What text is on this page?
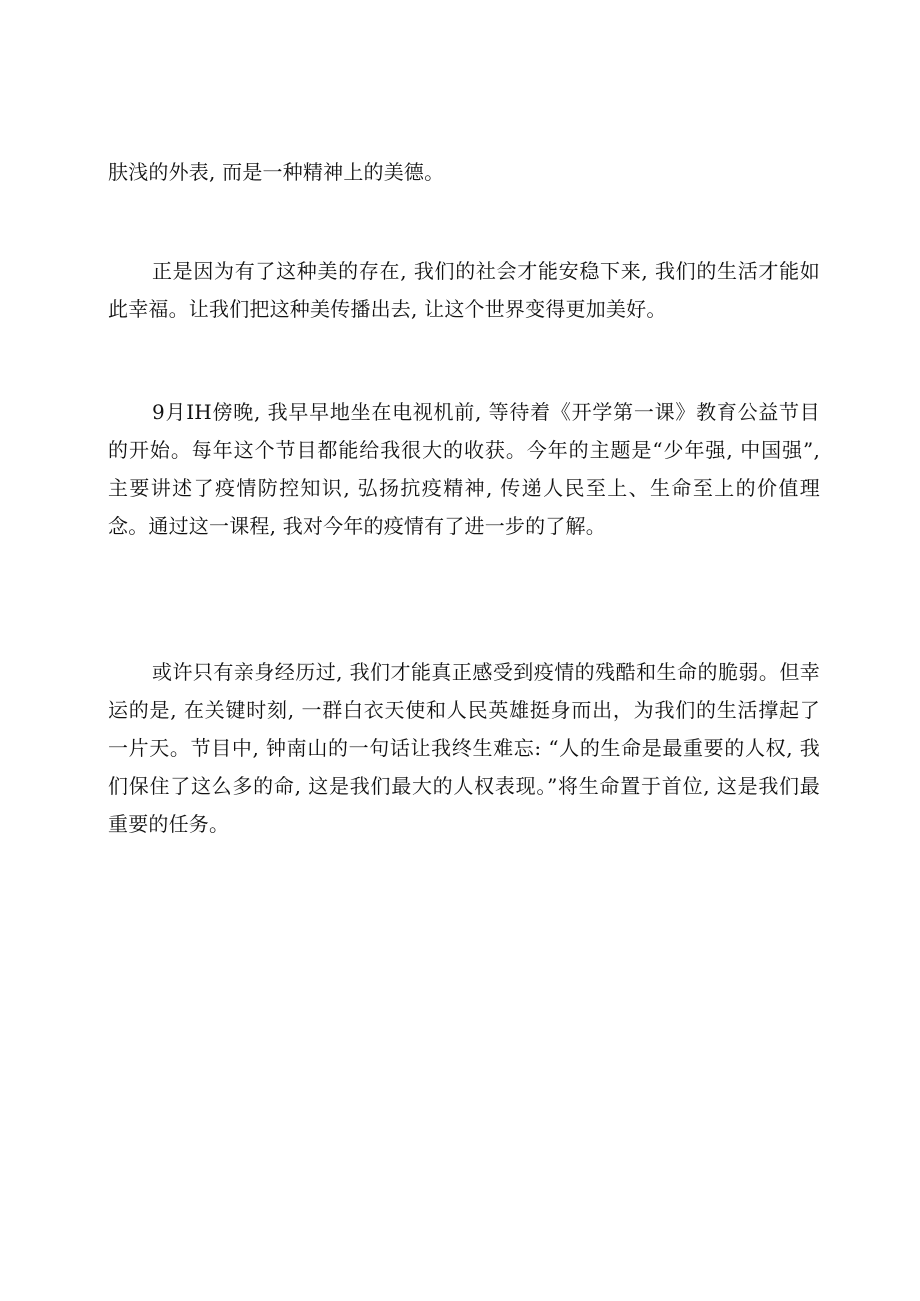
肤浅的外表, 而是一种精神上的美德。

正是因为有了这种美的存在, 我们的社会才能安稳下来, 我们的生活才能如此幸福。让我们把这种美传播出去, 让这个世界变得更加美好。

9月IH傍晚, 我早早地坐在电视机前, 等待着《开学第一课》教育公益节目的开始。每年这个节目都能给我很大的收获。今年的主题是“少年强, 中国强”, 主要讲述了疫情防控知识, 弘扬抗疫精神, 传递人民至上、生命至上的价值理念。通过这一课程, 我对今年的疫情有了进一步的了解。

或许只有亲身经历过, 我们才能真正感受到疫情的残酷和生命的脆弱。但幸运的是, 在关键时刻, 一群白衣天使和人民英雄挺身而出，为我们的生活撑起了一片天。节目中, 钟南山的一句话让我终生难忘: “人的生命是最重要的人权, 我们保住了这么多的命, 这是我们最大的人权表现。”将生命置于首位, 这是我们最重要的任务。
